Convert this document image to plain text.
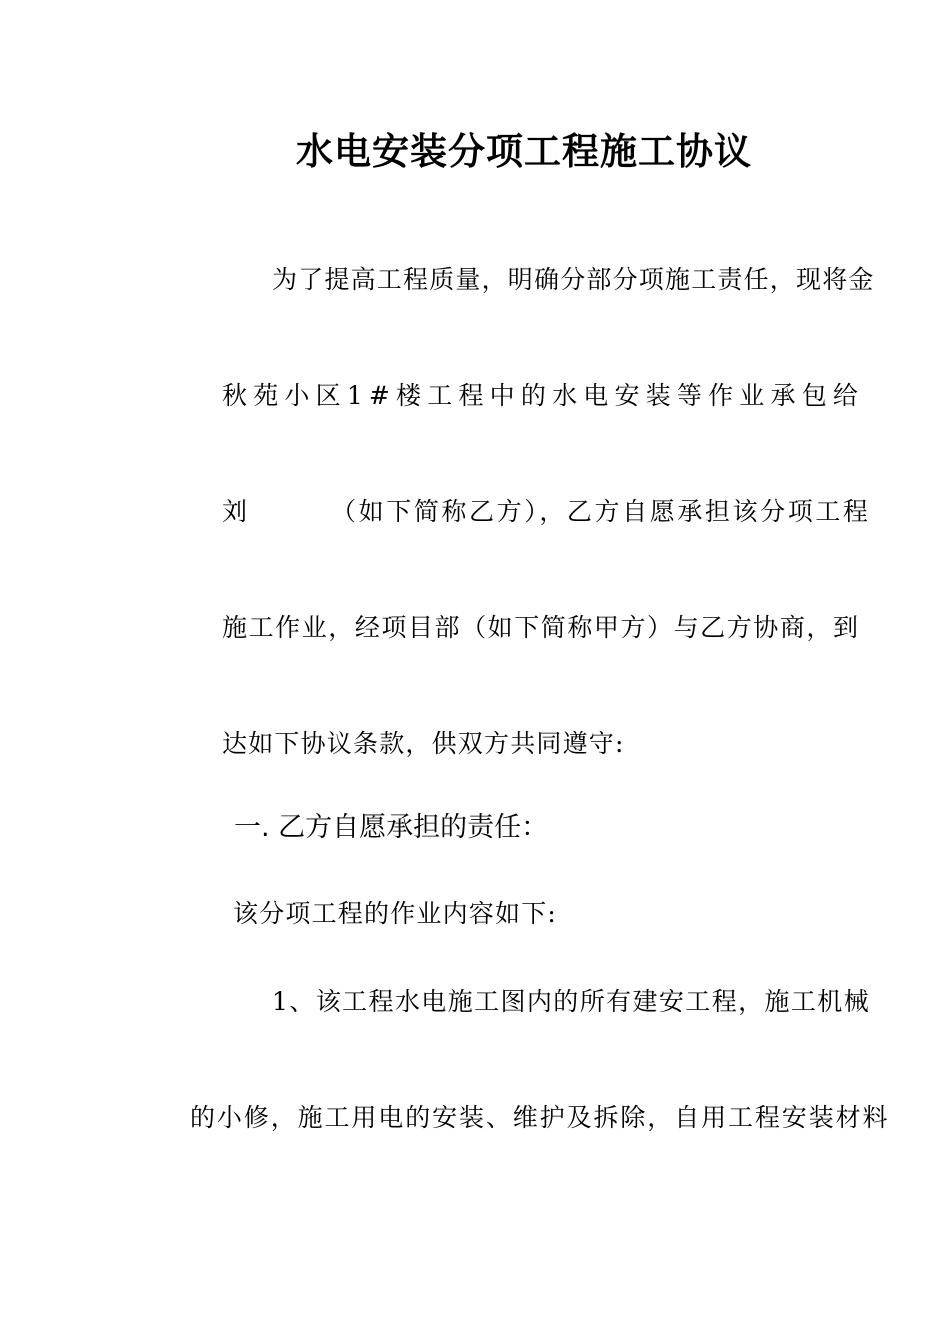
水电安装分项工程施工协议
为了提高工程质量，明确分部分项施工责任，现将金
秋 苑 小 区 1 # 楼 工 程 中 的 水 电 安 装 等 作 业 承 包 给
刘	（如下简称乙方），乙方自愿承担该分项工程
施 工 作 业 ， 经 项 目 部 （ 如 下 简 称 甲 方 ） 与 乙 方 协 商 ， 到
达如下协议条款，供双方共同遵守:
一. 乙方自愿承担的责任：
该分项工程的作业内容如下:
1、该工程水电施工图内的所有建安工程，施工机械
的小修，施工用电的安装、维护及拆除，自用工程安装材料
